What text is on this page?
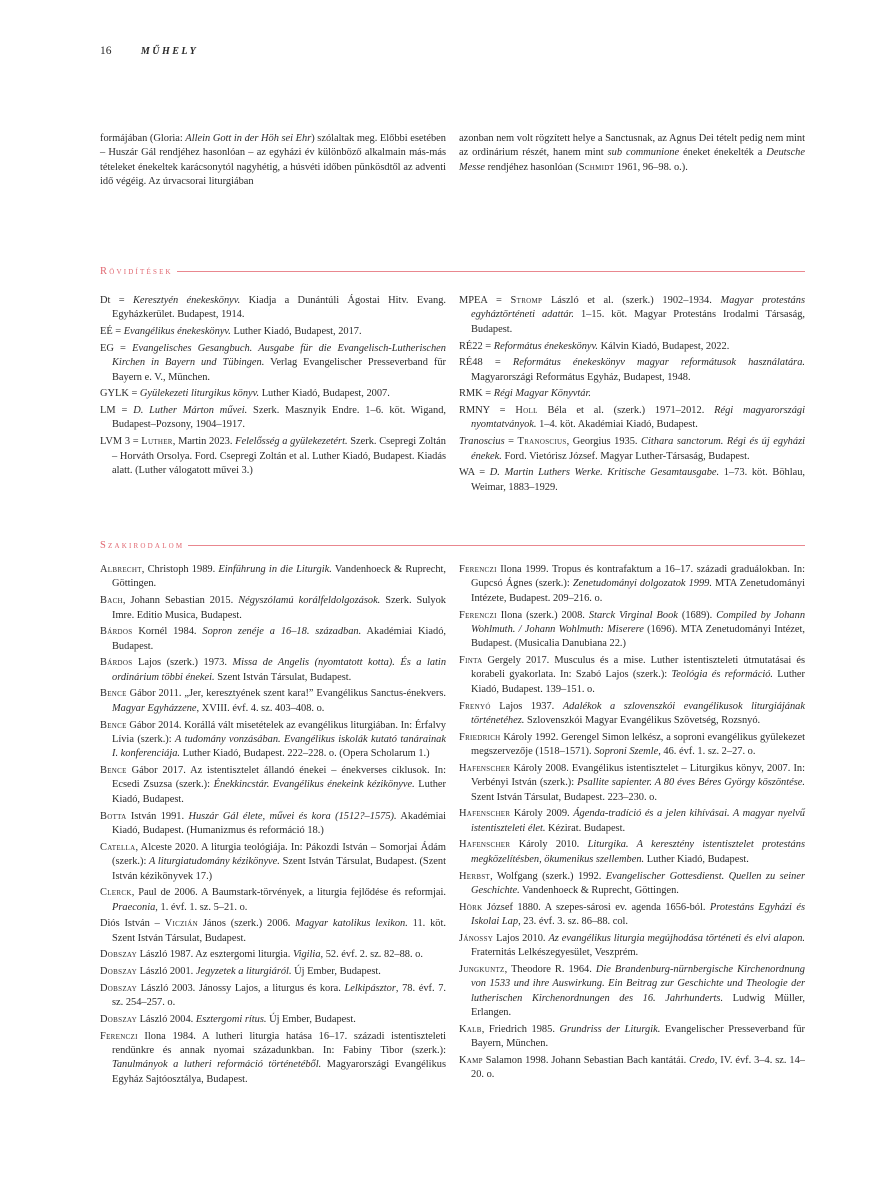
16	MŰHELY

formájában (Gloria: Allein Gott in der Höh sei Ehr) szólaltak meg. Előbbi esetében – Huszár Gál rendjéhez hasonlóan – az egyházi év különböző alkalmain más-más tételeket énekeltek karácsonytól nagyhétig, a húsvéti időben pünkösdtől az adventi idő végéig. Az úrvacsorai liturgiában

azonban nem volt rögzített helye a Sanctusnak, az Agnus Dei tételt pedig nem mint az ordinárium részét, hanem mint sub communione éneket énekelték a Deutsche Messe rendjéhez hasonlóan (Schmidt 1961, 96–98. o.).

Rövidítések
Dt = Keresztyén énekeskönyv. Kiadja a Dunántúli Ágostai Hitv. Evang. Egyházkerület. Budapest, 1914.
EÉ = Evangélikus énekeskönyv. Luther Kiadó, Budapest, 2017.
EG = Evangelisches Gesangbuch. Ausgabe für die Evangelisch-Lutherischen Kirchen in Bayern und Tübingen. Verlag Evangelischer Presseverband für Bayern e. V., München.
GYLK = Gyülekezeti liturgikus könyv. Luther Kiadó, Budapest, 2007.
LM = D. Luther Márton művei. Szerk. Masznyik Endre. 1–6. köt. Wigand, Budapest–Pozsony, 1904–1917.
LVM 3 = Luther, Martin 2023. Felelősség a gyülekezetért. Szerk. Csepregi Zoltán – Horváth Orsolya. Ford. Csepregi Zoltán et al. Luther Kiadó, Budapest. Kiadás alatt. (Luther válogatott művei 3.)
MPEA = Stromp László et al. (szerk.) 1902–1934. Magyar protestáns egyháztörténeti adattár. 1–15. köt. Magyar Protestáns Irodalmi Társaság, Budapest.
RÉ22 = Református énekeskönyv. Kálvin Kiadó, Budapest, 2022.
RÉ48 = Református énekeskönyv magyar reformátusok használatára. Magyarországi Református Egyház, Budapest, 1948.
RMK = Régi Magyar Könyvtár.
RMNY = Holl Béla et al. (szerk.) 1971–2012. Régi magyarországi nyomtatványok. 1–4. köt. Akadémiai Kiadó, Budapest.
Tranoscius = Tranoscius, Georgius 1935. Cithara sanctorum. Régi és új egyházi énekek. Ford. Vietórisz József. Magyar Luther-Társaság, Budapest.
WA = D. Martin Luthers Werke. Kritische Gesamtausgabe. 1–73. köt. Böhlau, Weimar, 1883–1929.
Szakirodalom
Albrecht, Christoph 1989. Einführung in die Liturgik. Vandenhoeck & Ruprecht, Göttingen.
Bach, Johann Sebastian 2015. Négyszólamú korálfeldolgozások. Szerk. Sulyok Imre. Editio Musica, Budapest.
Bárdos Kornél 1984. Sopron zenéje a 16–18. században. Akadémiai Kiadó, Budapest.
Bárdos Lajos (szerk.) 1973. Missa de Angelis (nyomtatott kotta). És a latin ordinárium többi énekei. Szent István Társulat, Budapest.
Bence Gábor 2011. „Jer, keresztyének szent kara!” Evangélikus Sanctus-énekvers. Magyar Egyházzene, XVIII. évf. 4. sz. 403–408. o.
Bence Gábor 2014. Korállá vált misetételek az evangélikus liturgiában. In: Érfalvy Lívia (szerk.): A tudomány vonzásában. Evangélikus iskolák kutató tanárainak I. konferenciája. Luther Kiadó, Budapest. 222–228. o. (Opera Scholarum 1.)
Bence Gábor 2017. Az istentisztelet állandó énekei – énekverses ciklusok. In: Ecsedi Zsuzsa (szerk.): Énekkincstár. Evangélikus énekeink kézikönyve. Luther Kiadó, Budapest.
Botta István 1991. Huszár Gál élete, művei és kora (1512?–1575). Akadémiai Kiadó, Budapest. (Humanizmus és reformáció 18.)
Catella, Alceste 2020. A liturgia teológiája. In: Pákozdi István – Somorjai Ádám (szerk.): A liturgiatudomány kézikönyve. Szent István Társulat, Budapest. (Szent István kézikönyvek 17.)
Clerck, Paul de 2006. A Baumstark-törvények, a liturgia fejlődése és reformjai. Praeconia, 1. évf. 1. sz. 5–21. o.
Diós István – Viczián János (szerk.) 2006. Magyar katolikus lexikon. 11. köt. Szent István Társulat, Budapest.
Dobszay László 1987. Az esztergomi liturgia. Vigilia, 52. évf. 2. sz. 82–88. o.
Dobszay László 2001. Jegyzetek a liturgiáról. Új Ember, Budapest.
Dobszay László 2003. Jánossy Lajos, a liturgus és kora. Lelkipásztor, 78. évf. 7. sz. 254–257. o.
Dobszay László 2004. Esztergomi rítus. Új Ember, Budapest.
Ferenczi Ilona 1984. A lutheri liturgia hatása 16–17. századi istentiszteleti rendünkre és annak nyomai századunkban. In: Fabiny Tibor (szerk.): Tanulmányok a lutheri reformáció történetéből. Magyarországi Evangélikus Egyház Sajtóosztálya, Budapest.
Ferenczi Ilona 1999. Tropus és kontrafaktum a 16–17. századi graduálokban. In: Gupcsó Ágnes (szerk.): Zenetudományi dolgozatok 1999. MTA Zenetudományi Intézete, Budapest. 209–216. o.
Ferenczi Ilona (szerk.) 2008. Starck Virginal Book (1689). Compiled by Johann Wohlmuth. / Johann Wohlmuth: Miserere (1696). MTA Zenetudományi Intézet, Budapest. (Musicalia Danubiana 22.)
Finta Gergely 2017. Musculus és a mise. Luther istentiszteleti útmutatásai és korabeli gyakorlata. In: Szabó Lajos (szerk.): Teológia és reformáció. Luther Kiadó, Budapest. 139–151. o.
Frenyó Lajos 1937. Adalékok a szlovenszkói evangélikusok liturgiájának történetéhez. Szlovenszkói Magyar Evangélikus Szövetség, Rozsnyó.
Friedrich Károly 1992. Gerengel Simon lelkész, a soproni evangélikus gyülekezet megszervezője (1518–1571). Soproni Szemle, 46. évf. 1. sz. 2–27. o.
Hafenscher Károly 2008. Evangélikus istentisztelet – Liturgikus könyv, 2007. In: Verbényi István (szerk.): Psallite sapienter. A 80 éves Béres György köszöntése. Szent István Társulat, Budapest. 223–230. o.
Hafenscher Károly 2009. Ágenda-tradíció és a jelen kihívásai. A magyar nyelvű istentiszteleti élet. Kézirat. Budapest.
Hafenscher Károly 2010. Liturgika. A keresztény istentisztelet protestáns megközelítésben, ökumenikus szellemben. Luther Kiadó, Budapest.
Herbst, Wolfgang (szerk.) 1992. Evangelischer Gottesdienst. Quellen zu seiner Geschichte. Vandenhoeck & Ruprecht, Göttingen.
Hörk József 1880. A szepes-sárosi ev. agenda 1656-ból. Protestáns Egyházi és Iskolai Lap, 23. évf. 3. sz. 86–88. col.
Jánossy Lajos 2010. Az evangélikus liturgia megújhodása történeti és elvi alapon. Fraternitás Lelkészegyesület, Veszprém.
Jungkuntz, Theodore R. 1964. Die Brandenburg-nürnbergische Kirchenordnung von 1533 und ihre Auswirkung. Ein Beitrag zur Geschichte und Theologie der lutherischen Kirchenordnungen des 16. Jahrhunderts. Ludwig Müller, Erlangen.
Kalb, Friedrich 1985. Grundriss der Liturgik. Evangelischer Presseverband für Bayern, München.
Kamp Salamon 1998. Johann Sebastian Bach kantátái. Credo, IV. évf. 3–4. sz. 14–20. o.
